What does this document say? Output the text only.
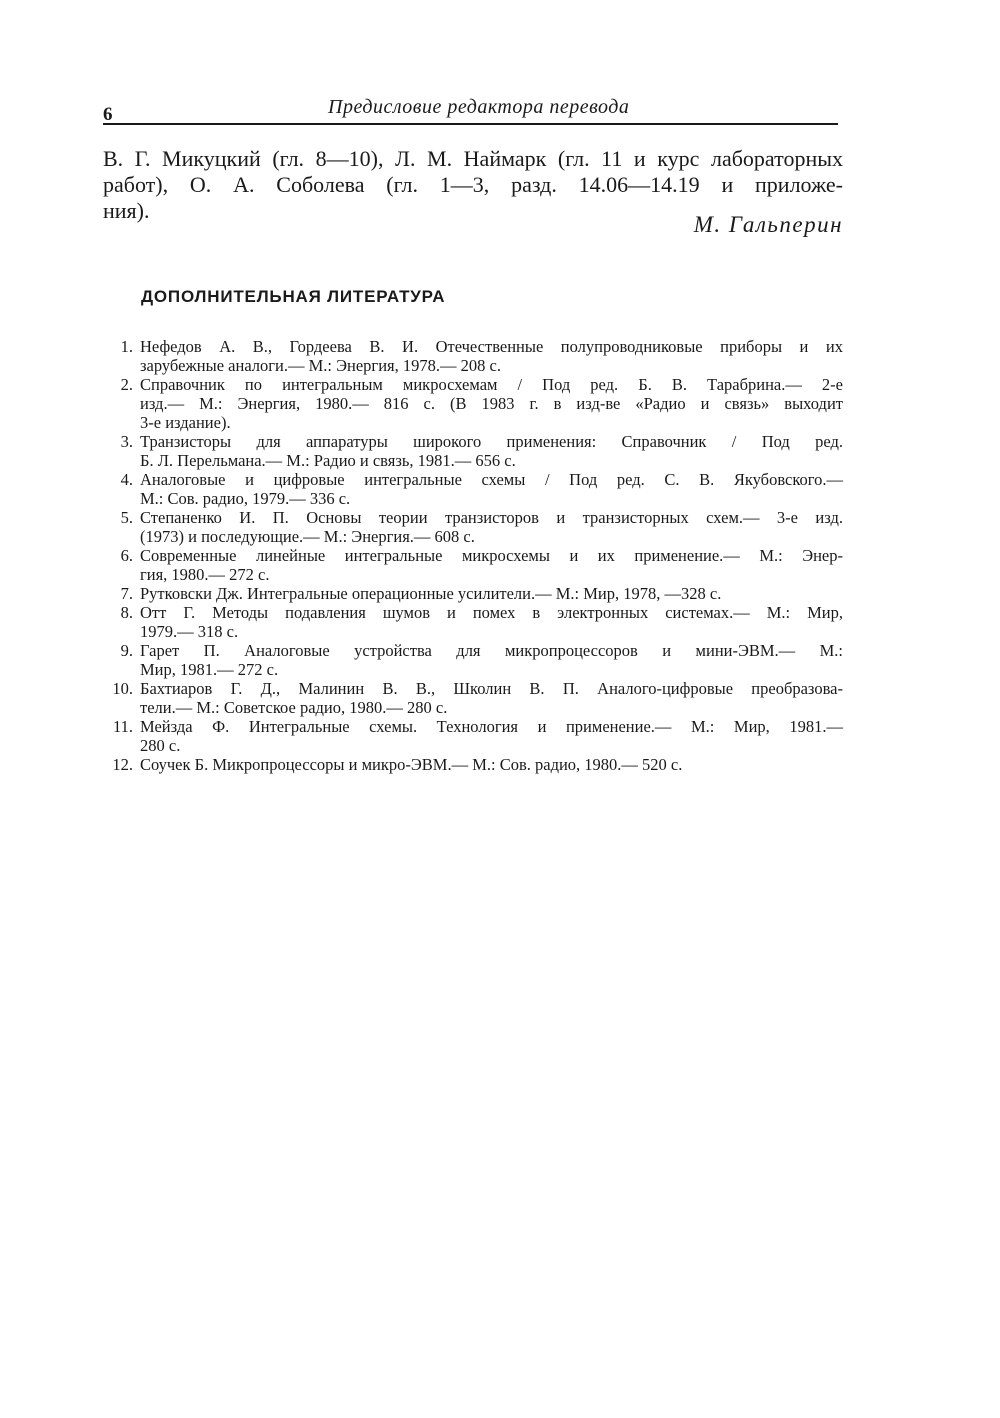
6	Предисловие редактора перевода
В. Г. Микуцкий (гл. 8—10), Л. М. Наймарк (гл. 11 и курс лабораторных
работ), О. А. Соболева (гл. 1—3, разд. 14.06—14.19 и приложе-
ния).
М. Гальперин
ДОПОЛНИТЕЛЬНАЯ ЛИТЕРАТУРА
1. Нефедов А. В., Гордеева В. И. Отечественные полупроводниковые приборы и их
зарубежные аналоги.— М.: Энергия, 1978.— 208 с.
2. Справочник по интегральным микросхемам / Под ред. Б. В. Тарабрина.— 2-е
изд.— М.: Энергия, 1980.— 816 с. (В 1983 г. в изд-ве «Радио и связь» выходит
3-е издание).
3. Транзисторы для аппаратуры широкого применения: Справочник / Под ред.
Б. Л. Перельмана.— М.: Радио и связь, 1981.— 656 с.
4. Аналоговые и цифровые интегральные схемы / Под ред. С. В. Якубовского.—
М.: Сов. радио, 1979.— 336 с.
5. Степаненко И. П. Основы теории транзисторов и транзисторных схем.— 3-е изд.
(1973) и последующие.— М.: Энергия.— 608 с.
6. Современные линейные интегральные микросхемы и их применение.— М.: Энер-
гия, 1980.— 272 с.
7. Рутковски Дж. Интегральные операционные усилители.— М.: Мир, 1978, —328 с.
8. Отт Г. Методы подавления шумов и помех в электронных системах.— М.: Мир,
1979.— 318 с.
9. Гарет П. Аналоговые устройства для микропроцессоров и мини-ЭВМ.— М.:
Мир, 1981.— 272 с.
10. Бахтиаров Г. Д., Малинин В. В., Школин В. П. Аналого-цифровые преобразова-
тели.— М.: Советское радио, 1980.— 280 с.
11. Мейзда Ф. Интегральные схемы. Технология и применение.— М.: Мир, 1981.—
280 с.
12. Соучек Б. Микропроцессоры и микро-ЭВМ.— М.: Сов. радио, 1980.— 520 с.
